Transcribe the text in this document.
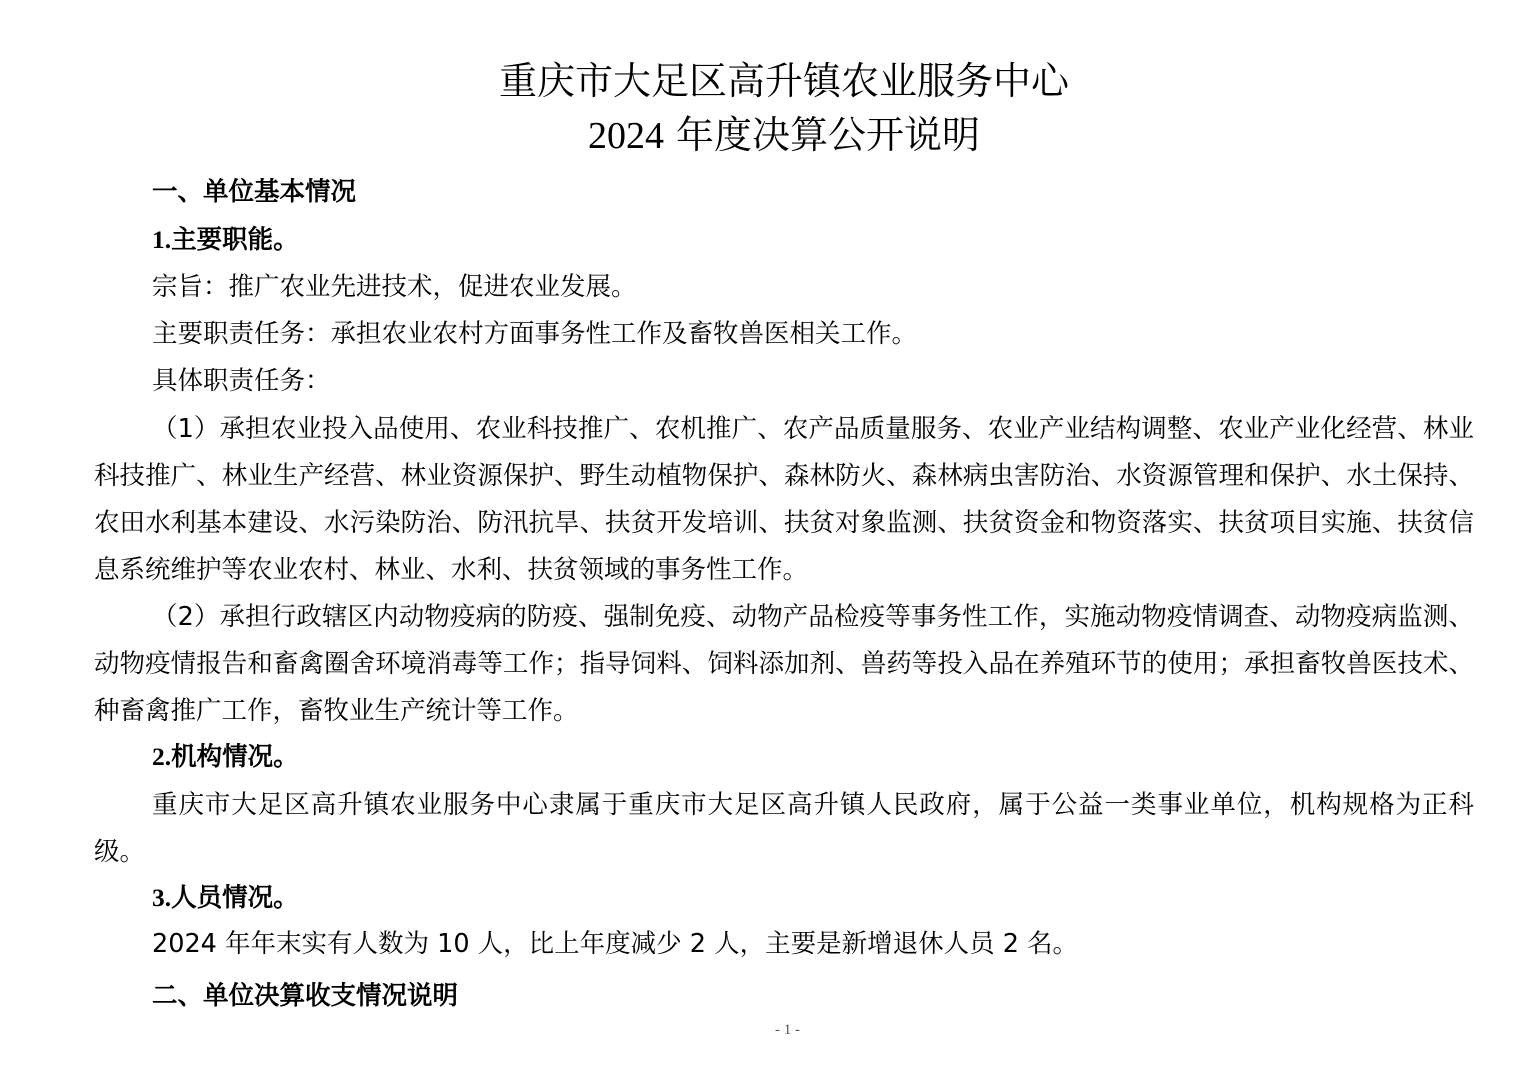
重庆市大足区高升镇农业服务中心
2024 年度决算公开说明
一、单位基本情况
1.主要职能。
宗旨：推广农业先进技术，促进农业发展。
主要职责任务：承担农业农村方面事务性工作及畜牧兽医相关工作。
具体职责任务：
（1）承担农业投入品使用、农业科技推广、农机推广、农产品质量服务、农业产业结构调整、农业产业化经营、林业科技推广、林业生产经营、林业资源保护、野生动植物保护、森林防火、森林病虫害防治、水资源管理和保护、水土保持、农田水利基本建设、水污染防治、防汛抗旱、扶贫开发培训、扶贫对象监测、扶贫资金和物资落实、扶贫项目实施、扶贫信息系统维护等农业农村、林业、水利、扶贫领域的事务性工作。
（2）承担行政辖区内动物疫病的防疫、强制免疫、动物产品检疫等事务性工作，实施动物疫情调查、动物疫病监测、动物疫情报告和畜禽圈舍环境消毒等工作；指导饲料、饲料添加剂、兽药等投入品在养殖环节的使用；承担畜牧兽医技术、种畜禽推广工作，畜牧业生产统计等工作。
2.机构情况。
重庆市大足区高升镇农业服务中心隶属于重庆市大足区高升镇人民政府，属于公益一类事业单位，机构规格为正科级。
3.人员情况。
2024 年年末实有人数为 10 人，比上年度减少 2 人，主要是新增退休人员 2 名。
二、单位决算收支情况说明
- 1 -
